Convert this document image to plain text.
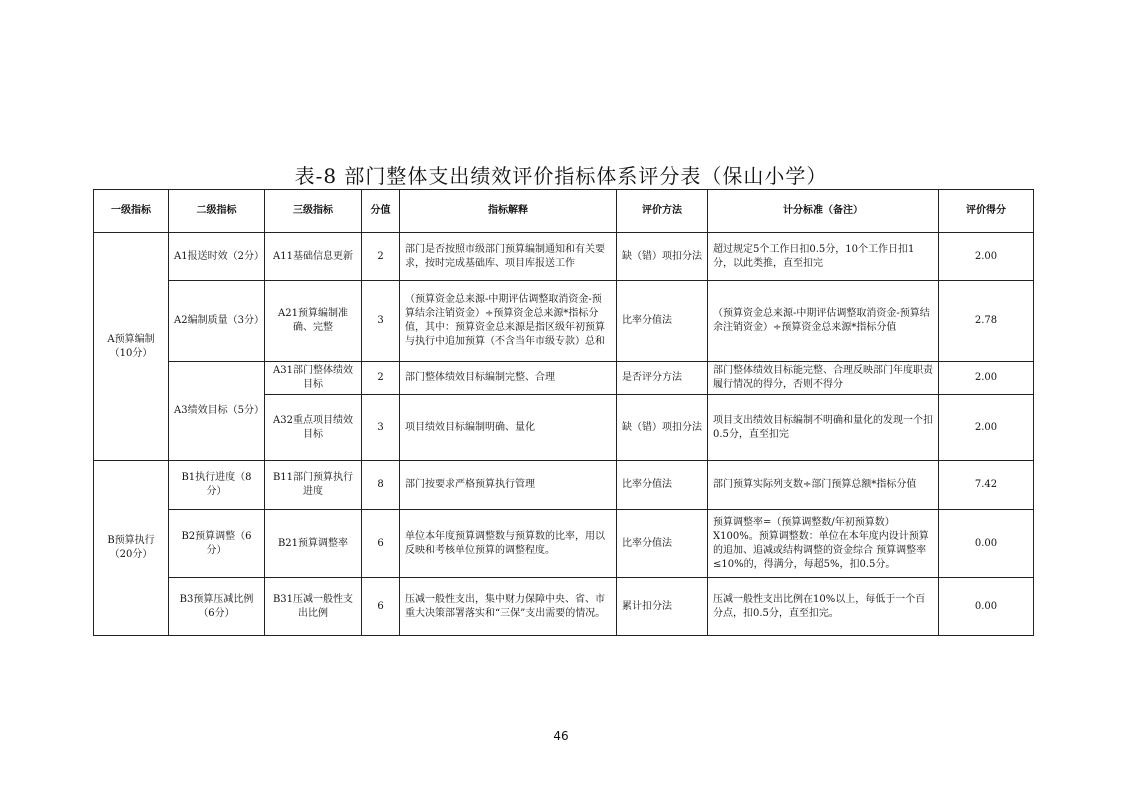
表-8 部门整体支出绩效评价指标体系评分表（保山小学）
一级指标	二级指标	三级指标	分值	指标解释	评价方法	计分标准（备注）	评价得分
A预算编制（10分）	A1报送时效（2分）	A11基础信息更新	2	部门是否按照市级部门预算编制通知和有关要求，按时完成基础库、项目库报送工作	缺（错）项扣分法	超过规定5个工作日扣0.5分，10个工作日扣1分，以此类推，直至扣完	2.00
	A2编制质量（3分）	A21预算编制准确、完整	3	（预算资金总来源-中期评估调整取消资金-预算结余注销资金）÷预算资金总来源*指标分值，其中：预算资金总来源是指区级年初预算与执行中追加预算（不含当年市级专款）总和	比率分值法	（预算资金总来源-中期评估调整取消资金-预算结余注销资金）÷预算资金总来源*指标分值	2.78
	A3绩效目标（5分）	A31部门整体绩效目标	2	部门整体绩效目标编制完整、合理	是否评分方法	部门整体绩效目标能完整、合理反映部门年度职责履行情况的得分，否则不得分	2.00
		A32重点项目绩效目标	3	项目绩效目标编制明确、量化	缺（错）项扣分法	项目支出绩效目标编制不明确和量化的发现一个扣0.5分，直至扣完	2.00
B预算执行（20分）	B1执行进度（8分）	B11部门预算执行进度	8	部门按要求严格预算执行管理	比率分值法	部门预算实际列支数÷部门预算总额*指标分值	7.42
	B2预算调整（6分）	B21预算调整率	6	单位本年度预算调整数与预算数的比率，用以反映和考核单位预算的调整程度。	比率分值法	预算调整率=（预算调整数/年初预算数）X100%。预算调整数：单位在本年度内设计预算的追加、追减或结构调整的资金综合 预算调整率≤10%的，得满分，每超5%，扣0.5分。	0.00
	B3预算压减比例（6分）	B31压减一般性支出比例	6	压减一般性支出，集中财力保障中央、省、市重大决策部署落实和“三保”支出需要的情况。	累计扣分法	压减一般性支出比例在10%以上，每低于一个百分点，扣0.5分，直至扣完。	0.00
46
